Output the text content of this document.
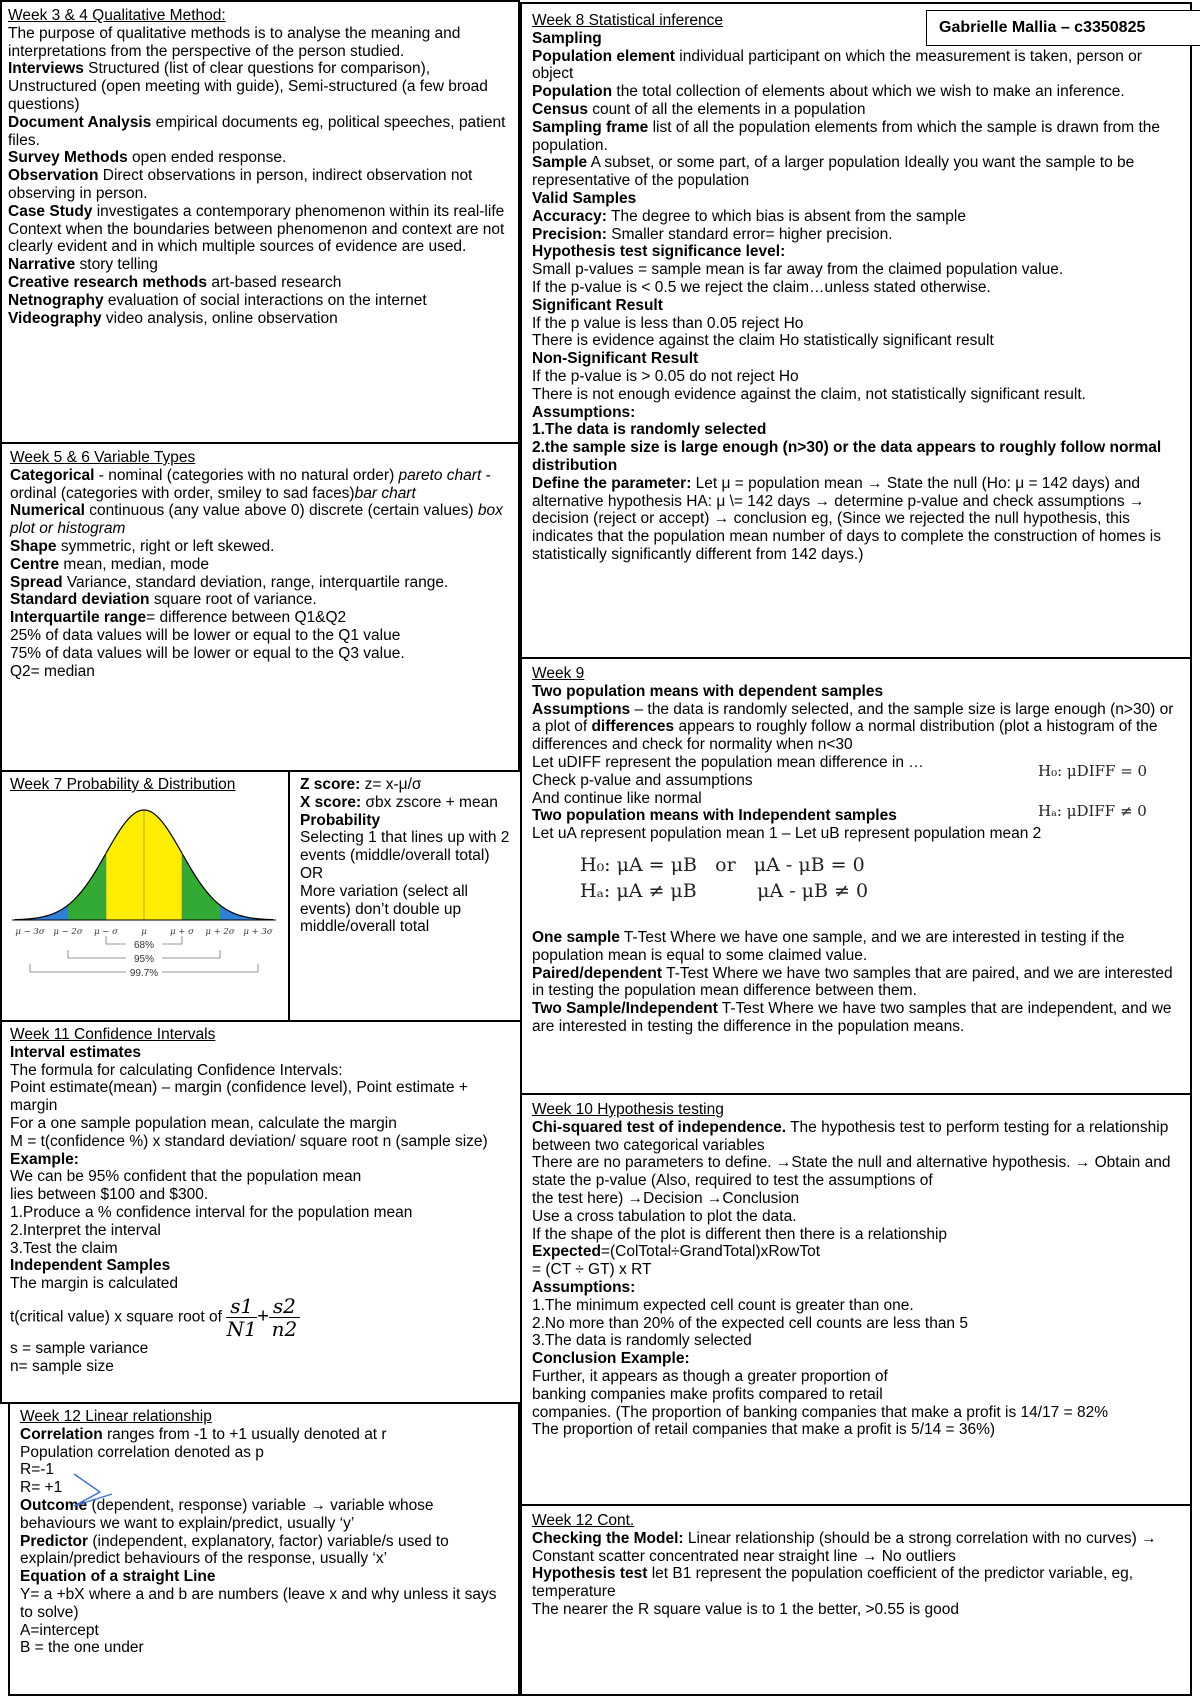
Week 3 & 4 Qualitative Method:

The purpose of qualitative methods is to analyse the meaning and

interpretations from the perspective of the person studied.

Interviews Structured (list of clear questions for comparison), Unstructured (open meeting with guide), Semi-structured (a few broad questions)

Document Analysis empirical documents eg, political speeches, patient files.

Survey Methods open ended response.

Observation Direct observations in person, indirect observation not observing in person.

Case Study investigates a contemporary phenomenon within its real-life

Context when the boundaries between phenomenon and context are not

clearly evident and in which multiple sources of evidence are used.

Narrative story telling

Creative research methods art-based research

Netnography evaluation of social interactions on the internet

Videography video analysis, online observation

Week 5 & 6 Variable Types

Categorical - nominal (categories with no natural order) pareto chart - ordinal (categories with order, smiley to sad faces)bar chart

Numerical continuous (any value above 0) discrete (certain values) box plot or histogram

Shape symmetric, right or left skewed.

Centre mean, median, mode

Spread Variance, standard deviation, range, interquartile range.

Standard deviation square root of variance.

Interquartile range= difference between Q1&Q2

25% of data values will be lower or equal to the Q1 value

75% of data values will be lower or equal to the Q3 value.

Q2= median

Week 7 Probability & Distribution

μ − 3σ μ − 2σ μ − σ	μ	μ + σ μ + 2σ μ + 3σ
68%
95%
99.7%

Z score: z= x-μ/σ

X score: σbx zscore + mean

Probability

Selecting 1 that lines up with 2 events (middle/overall total)

OR

More variation (select all events) don’t double up middle/overall total

Week 11 Confidence Intervals

Interval estimates

The formula for calculating Confidence Intervals:

Point estimate(mean) – margin (confidence level), Point estimate + margin

For a one sample population mean, calculate the margin

M = t(confidence %) x standard deviation/ square root n (sample size)

Example:

We can be 95% confident that the population mean

lies between $100 and $300.

1.Produce a % confidence interval for the population mean

2.Interpret the interval

3.Test the claim

Independent Samples

The margin is calculated

t(critical value) x square root of $\frac{s1}{N1} + \frac{s2}{n2}$

s = sample variance

n= sample size

Week 12 Linear relationship

Correlation ranges from -1 to +1 usually denoted at r

Population correlation denoted as p

R=-1

R= +1

Outcome (dependent, response) variable → variable whose behaviours we want to explain/predict, usually ‘y’

Predictor (independent, explanatory, factor) variable/s used to explain/predict behaviours of the response, usually ‘x’

Equation of a straight Line

Y= a +bX where a and b are numbers (leave x and why unless it says to solve)

A=intercept

B = the one under

Week 8 Statistical inference

Sampling

Population element individual participant on which the measurement is taken, person or object

Population the total collection of elements about which we wish to make an inference.

Census count of all the elements in a population

Sampling frame list of all the population elements from which the sample is drawn from the population.

Sample A subset, or some part, of a larger population Ideally you want the sample to be representative of the population

Valid Samples

Accuracy: The degree to which bias is absent from the sample

Precision: Smaller standard error= higher precision.

Hypothesis test significance level:

Small p-values = sample mean is far away from the claimed population value.

If the p-value is < 0.5 we reject the claim…unless stated otherwise.

Significant Result

If the p value is less than 0.05 reject Ho

There is evidence against the claim Ho statistically significant result

Non-Significant Result

If the p-value is > 0.05 do not reject Ho

There is not enough evidence against the claim, not statistically significant result.

Assumptions:

1.The data is randomly selected

2.the sample size is large enough (n>30) or the data appears to roughly follow normal distribution

Define the parameter: Let μ = population mean → State the null (Ho: μ = 142 days) and alternative hypothesis HA: μ \= 142 days → determine p-value and check assumptions → decision (reject or accept) → conclusion eg, (Since we rejected the null hypothesis, this indicates that the population mean number of days to complete the construction of homes is statistically significantly different from 142 days.)

Gabrielle Mallia – c3350825

Week 9

Two population means with dependent samples

Assumptions – the data is randomly selected, and the sample size is large enough (n>30) or a plot of differences appears to roughly follow a normal distribution (plot a histogram of the differences and check for normality when n<30

Let uDIFF represent the population mean difference in …

Check p-value and assumptions

And continue like normal

Two population means with Independent samples

Let uA represent population mean 1 – Let uB represent population mean 2

H₀: μA = μB   or   μA - μB = 0
Hₐ: μA ≠ μB          μA - μB ≠ 0

One sample T-Test Where we have one sample, and we are interested in testing if the population mean is equal to some claimed value.

Paired/dependent T-Test Where we have two samples that are paired, and we are interested in testing the population mean difference between them.

Two Sample/Independent T-Test Where we have two samples that are independent, and we are interested in testing the difference in the population means.

H₀: μDIFF = 0
Hₐ: μDIFF ≠ 0

Week 10 Hypothesis testing

Chi-squared test of independence. The hypothesis test to perform testing for a relationship between two categorical variables

There are no parameters to define. →State the null and alternative hypothesis. → Obtain and state the p-value (Also, required to test the assumptions of

the test here) →Decision →Conclusion

Use a cross tabulation to plot the data.

If the shape of the plot is different then there is a relationship

Expected=(ColTotal÷GrandTotal)xRowTot

= (CT ÷ GT) x RT

Assumptions:

1.The minimum expected cell count is greater than one.

2.No more than 20% of the expected cell counts are less than 5

3.The data is randomly selected

Conclusion Example:

Further, it appears as though a greater proportion of

banking companies make profits compared to retail

companies. (The proportion of banking companies that make a profit is 14/17 = 82%

The proportion of retail companies that make a profit is 5/14 = 36%)

Week 12 Cont.

Checking the Model: Linear relationship (should be a strong correlation with no curves) → Constant scatter concentrated near straight line → No outliers

Hypothesis test let B1 represent the population coefficient of the predictor variable, eg, temperature

The nearer the R square value is to 1 the better, >0.55 is good
